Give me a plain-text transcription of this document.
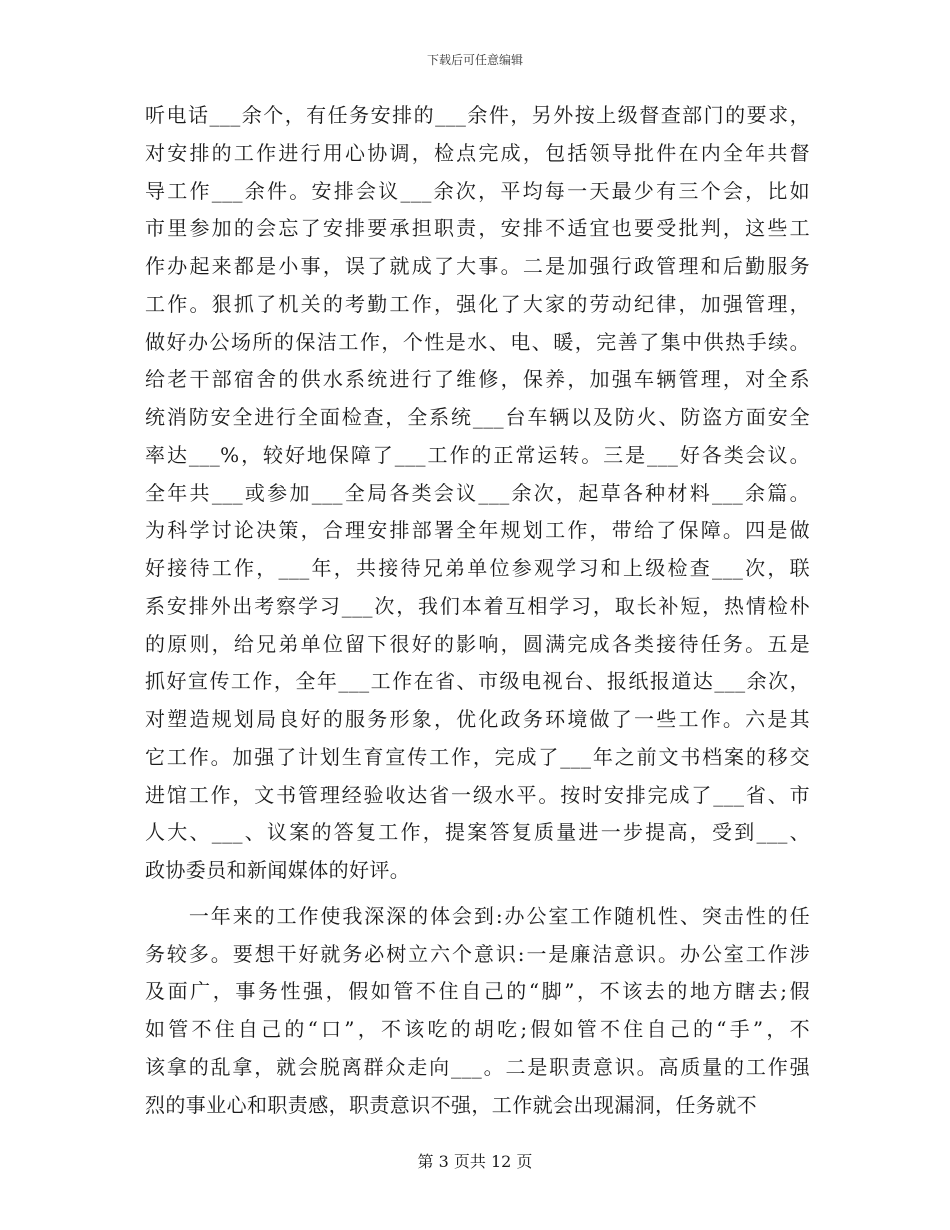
下载后可任意编辑

听电话___余个，有任务安排的___余件，另外按上级督查部门的要求，
对安排的工作进行用心协调，检点完成，包括领导批件在内全年共督
导工作___余件。安排会议___余次，平均每一天最少有三个会，比如
市里参加的会忘了安排要承担职责，安排不适宜也要受批判，这些工
作办起来都是小事，误了就成了大事。二是加强行政管理和后勤服务
工作。狠抓了机关的考勤工作，强化了大家的劳动纪律，加强管理，
做好办公场所的保洁工作，个性是水、电、暖，完善了集中供热手续。
给老干部宿舍的供水系统进行了维修，保养，加强车辆管理，对全系
统消防安全进行全面检查，全系统___台车辆以及防火、防盗方面安全
率达___%，较好地保障了___工作的正常运转。三是___好各类会议。
全年共___或参加___全局各类会议___余次，起草各种材料___余篇。
为科学讨论决策，合理安排部署全年规划工作，带给了保障。四是做
好接待工作，___年，共接待兄弟单位参观学习和上级检查___次，联
系安排外出考察学习___次，我们本着互相学习，取长补短，热情检朴
的原则，给兄弟单位留下很好的影响，圆满完成各类接待任务。五是
抓好宣传工作，全年___工作在省、市级电视台、报纸报道达___余次，
对塑造规划局良好的服务形象，优化政务环境做了一些工作。六是其
它工作。加强了计划生育宣传工作，完成了___年之前文书档案的移交
进馆工作，文书管理经验收达省一级水平。按时安排完成了___省、市
人大、___、议案的答复工作，提案答复质量进一步提高，受到___、
政协委员和新闻媒体的好评。

　　一年来的工作使我深深的体会到:办公室工作随机性、突击性的任
务较多。要想干好就务必树立六个意识:一是廉洁意识。办公室工作涉
及面广，事务性强，假如管不住自己的“脚”，不该去的地方瞎去;假
如管不住自己的“口”，不该吃的胡吃;假如管不住自己的“手”，不
该拿的乱拿，就会脱离群众走向___。二是职责意识。高质量的工作强
烈的事业心和职责感，职责意识不强，工作就会出现漏洞，任务就不

第 3 页共 12 页
